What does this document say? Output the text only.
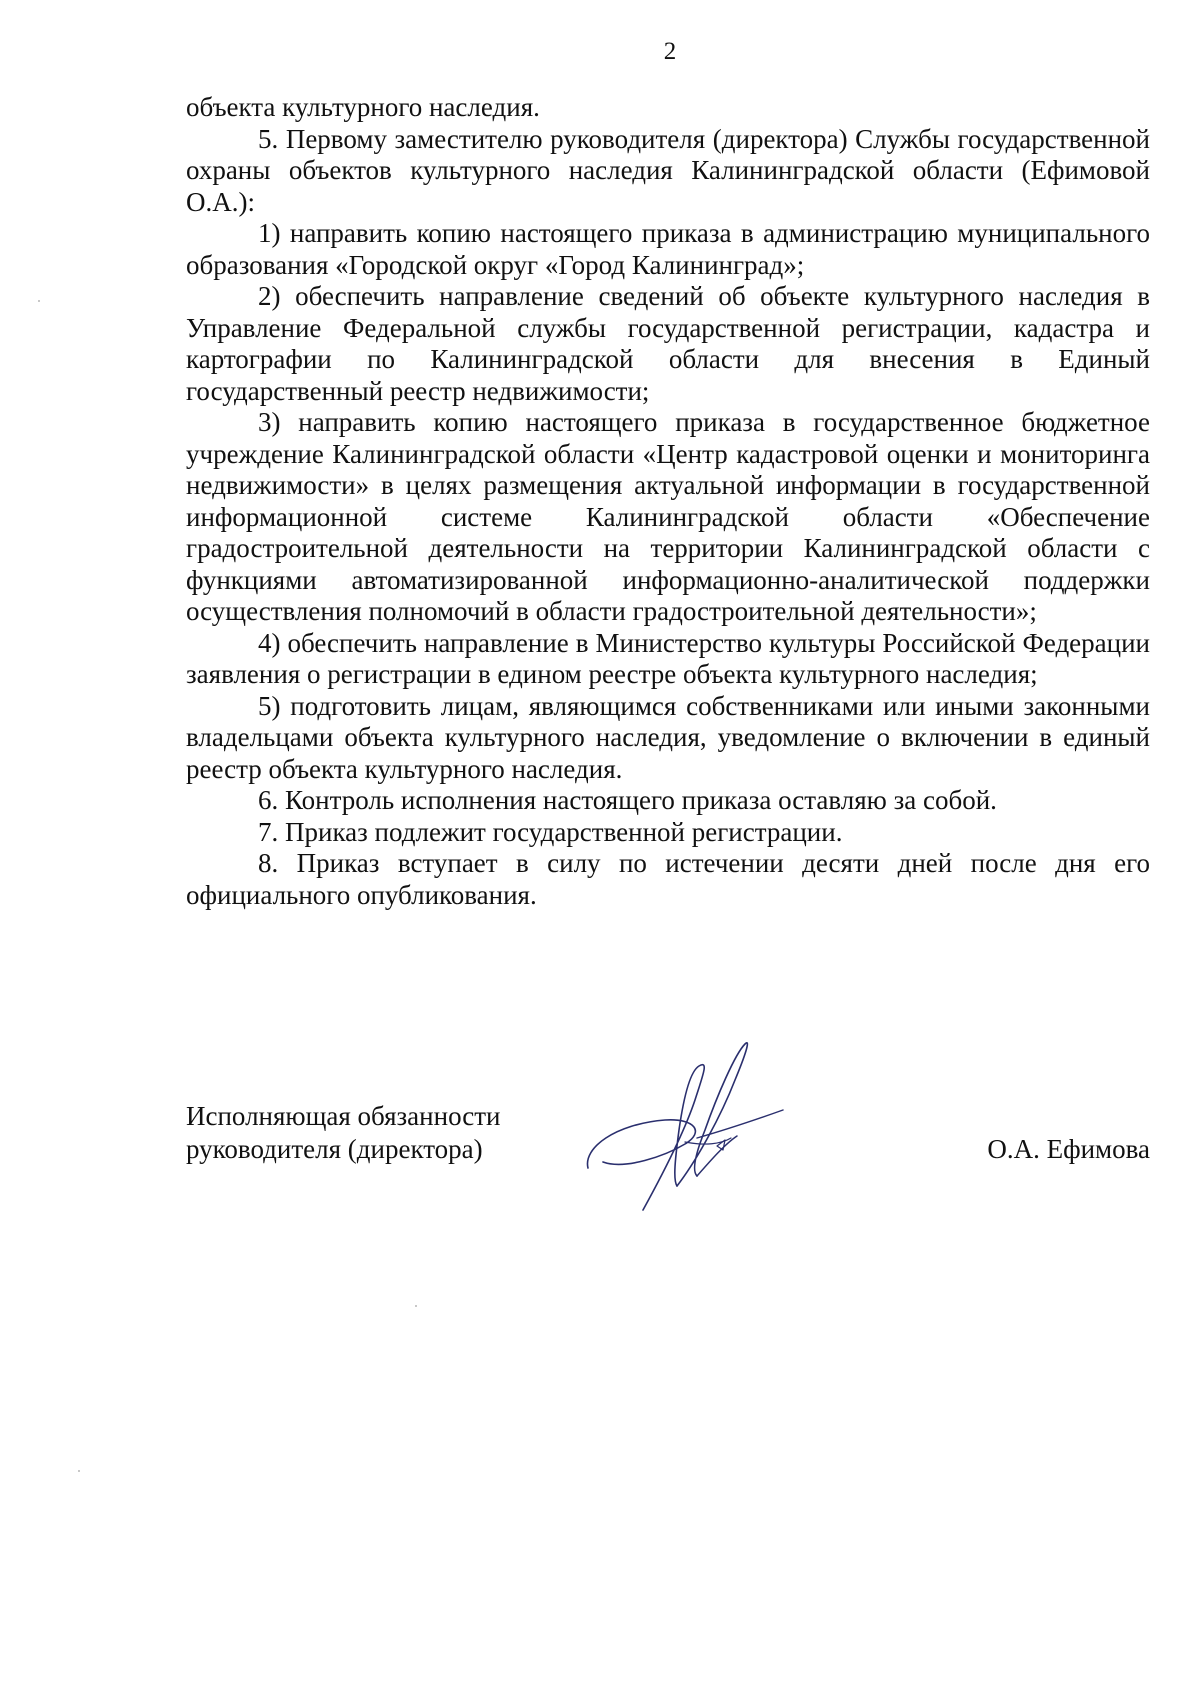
2

объекта культурного наследия.

5. Первому заместителю руководителя (директора) Службы государственной охраны объектов культурного наследия Калининградской области (Ефимовой О.А.):

1) направить копию настоящего приказа в администрацию муниципального образования «Городской округ «Город Калининград»;

2) обеспечить направление сведений об объекте культурного наследия в Управление Федеральной службы государственной регистрации, кадастра и картографии по Калининградской области для внесения в Единый государственный реестр недвижимости;

3) направить копию настоящего приказа в государственное бюджетное учреждение Калининградской области «Центр кадастровой оценки и мониторинга недвижимости» в целях размещения актуальной информации в государственной информационной системе Калининградской области «Обеспечение градостроительной деятельности на территории Калининградской области с функциями автоматизированной информационно-аналитической поддержки осуществления полномочий в области градостроительной деятельности»;

4) обеспечить направление в Министерство культуры Российской Федерации заявления о регистрации в едином реестре объекта культурного наследия;

5) подготовить лицам, являющимся собственниками или иными законными владельцами объекта культурного наследия, уведомление о включении в единый реестр объекта культурного наследия.

6. Контроль исполнения настоящего приказа оставляю за собой.

7. Приказ подлежит государственной регистрации.

8. Приказ вступает в силу по истечении десяти дней после дня его официального опубликования.

Исполняющая обязанности
руководителя (директора)	О.А. Ефимова
